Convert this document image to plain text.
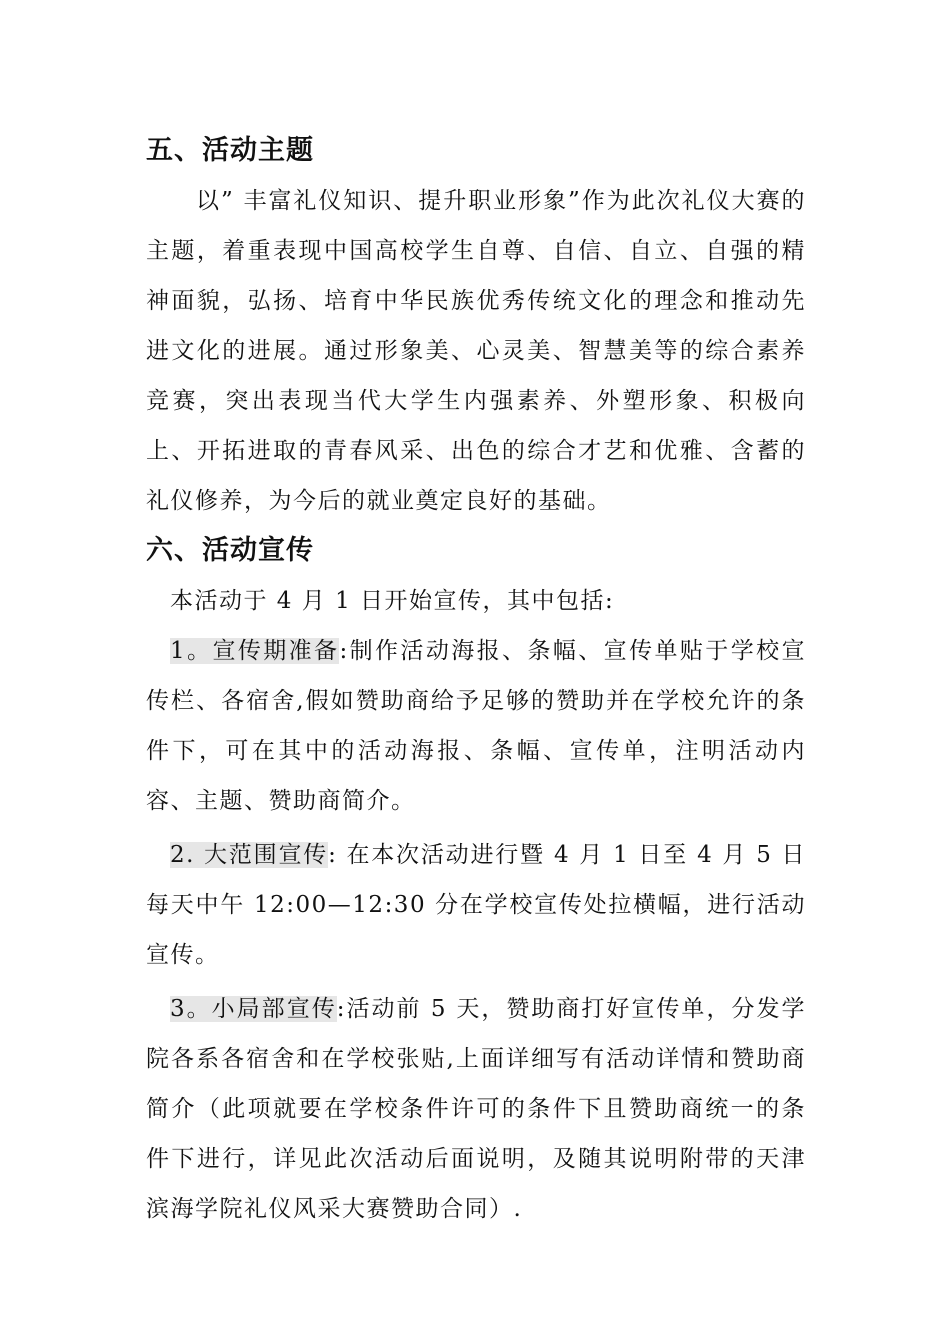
五、活动主题

以” 丰富礼仪知识、提升职业形象”作为此次礼仪大赛的主题，着重表现中国高校学生自尊、自信、自立、自强的精神面貌，弘扬、培育中华民族优秀传统文化的理念和推动先进文化的进展。通过形象美、心灵美、智慧美等的综合素养竞赛，突出表现当代大学生内强素养、外塑形象、积极向上、开拓进取的青春风采、出色的综合才艺和优雅、含蓄的礼仪修养，为今后的就业奠定良好的基础。

六、活动宣传

本活动于 4 月 1 日开始宣传，其中包括:

1。宣传期准备:制作活动海报、条幅、宣传单贴于学校宣传栏、各宿舍,假如赞助商给予足够的赞助并在学校允许的条件下，可在其中的活动海报、条幅、宣传单，注明活动内容、主题、赞助商简介。

2. 大范围宣传: 在本次活动进行暨 4 月 1 日至 4 月 5 日每天中午 12:00—12:30 分在学校宣传处拉横幅，进行活动宣传。

3。小局部宣传:活动前 5 天，赞助商打好宣传单，分发学院各系各宿舍和在学校张贴,上面详细写有活动详情和赞助商简介（此项就要在学校条件许可的条件下且赞助商统一的条件下进行，详见此次活动后面说明，及随其说明附带的天津滨海学院礼仪风采大赛赞助合同）.
